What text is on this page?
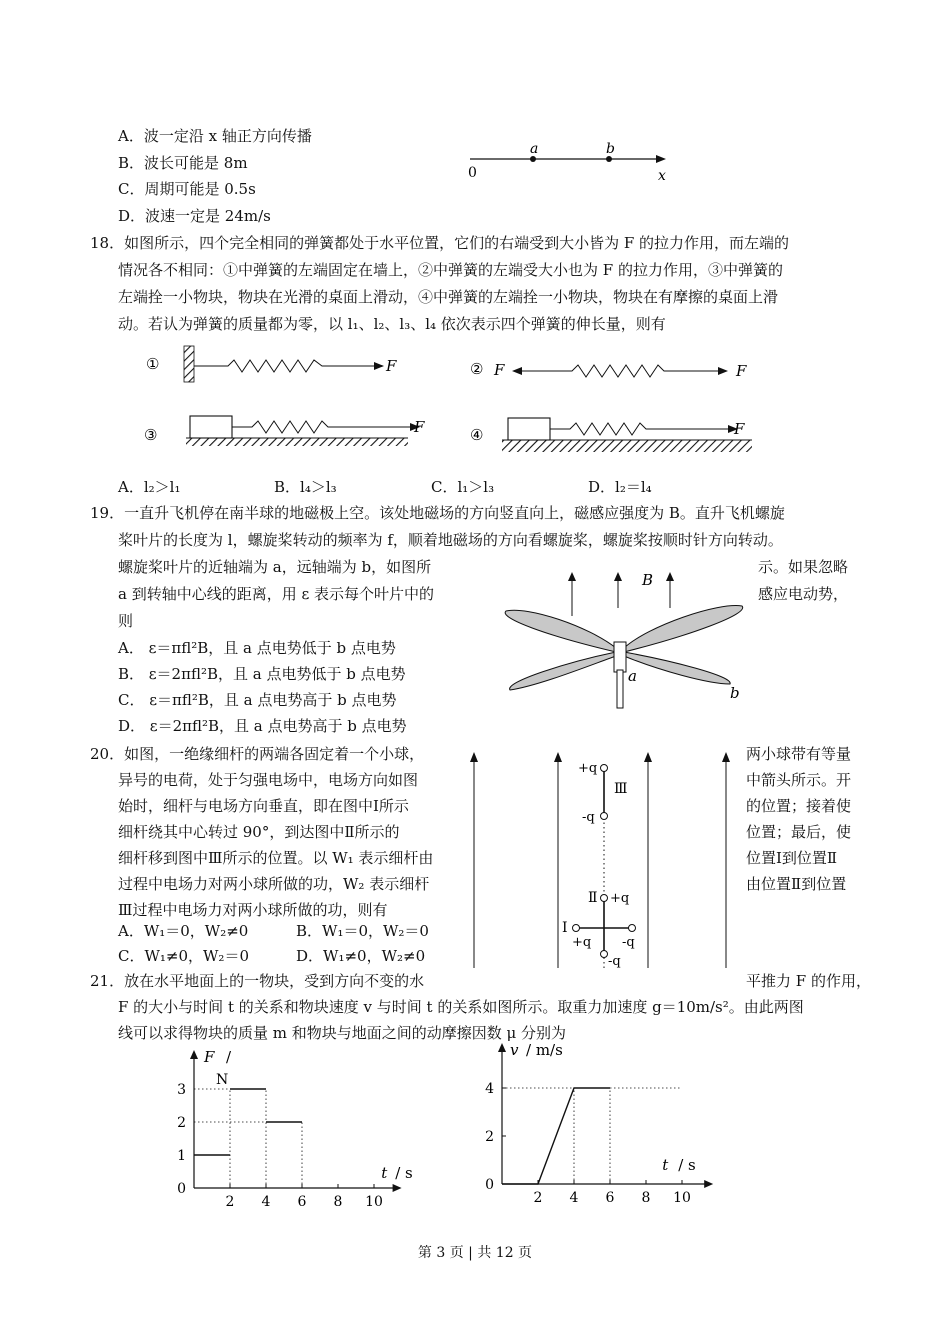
A．波一定沿 x 轴正方向传播
B．波长可能是 8m
C．周期可能是 0.5s
D．波速一定是 24m/s
a	b
0	x
18．如图所示，四个完全相同的弹簧都处于水平位置，它们的右端受到大小皆为 F 的拉力作用，而左端的
情况各不相同：①中弹簧的左端固定在墙上，②中弹簧的左端受大小也为 F 的拉力作用，③中弹簧的
左端拴一小物块，物块在光滑的桌面上滑动，④中弹簧的左端拴一小物块，物块在有摩擦的桌面上滑
动。若认为弹簧的质量都为零，以 l₁、l₂、l₃、l₄ 依次表示四个弹簧的伸长量，则有
①	F	② F	F
③	F	④	F
A．l₂＞l₁	B．l₄＞l₃	C．l₁＞l₃	D．l₂＝l₄
19．一直升飞机停在南半球的地磁极上空。该处地磁场的方向竖直向上，磁感应强度为 B。直升飞机螺旋
桨叶片的长度为 l，螺旋桨转动的频率为 f，顺着地磁场的方向看螺旋桨，螺旋桨按顺时针方向转动。
螺旋桨叶片的近轴端为 a，远轴端为 b，如图所
a 到转轴中心线的距离，用 ε 表示每个叶片中的
则
示。如果忽略
感应电动势，
A． ε＝πfl²B，且 a 点电势低于 b 点电势
B． ε＝2πfl²B，且 a 点电势低于 b 点电势
C． ε＝πfl²B，且 a 点电势高于 b 点电势
D． ε＝2πfl²B，且 a 点电势高于 b 点电势
B
a
b
20．如图，一绝缘细杆的两端各固定着一个小球，
异号的电荷，处于匀强电场中，电场方向如图
始时，细杆与电场方向垂直，即在图中Ⅰ所示
细杆绕其中心转过 90°，到达图中Ⅱ所示的
细杆移到图中Ⅲ所示的位置。以 W₁ 表示细杆由
过程中电场力对两小球所做的功，W₂ 表示细杆
Ⅲ过程中电场力对两小球所做的功，则有
两小球带有等量
中箭头所示。开
的位置；接着使
位置；最后，使
位置Ⅰ到位置Ⅱ
由位置Ⅱ到位置
A．W₁＝0，W₂≠0	B．W₁＝0，W₂＝0
C．W₁≠0，W₂＝0	D．W₁≠0，W₂≠0
+q
-q
Ⅲ
Ⅱ +q
-q
Ⅰ
+q -q
21．放在水平地面上的一物块，受到方向不变的水	平推力 F 的作用，
F 的大小与时间 t 的关系和物块速度 v 与时间 t 的关系如图所示。取重力加速度 g＝10m/s²。由此两图
线可以求得物块的质量 m 和物块与地面之间的动摩擦因数 μ 分别为
2 4 6 8 10
1
2
3
0
F /
N
t / s
2 4 6 8 10
2
4
0
v / m/s
t / s
第 3 页 | 共 12 页
